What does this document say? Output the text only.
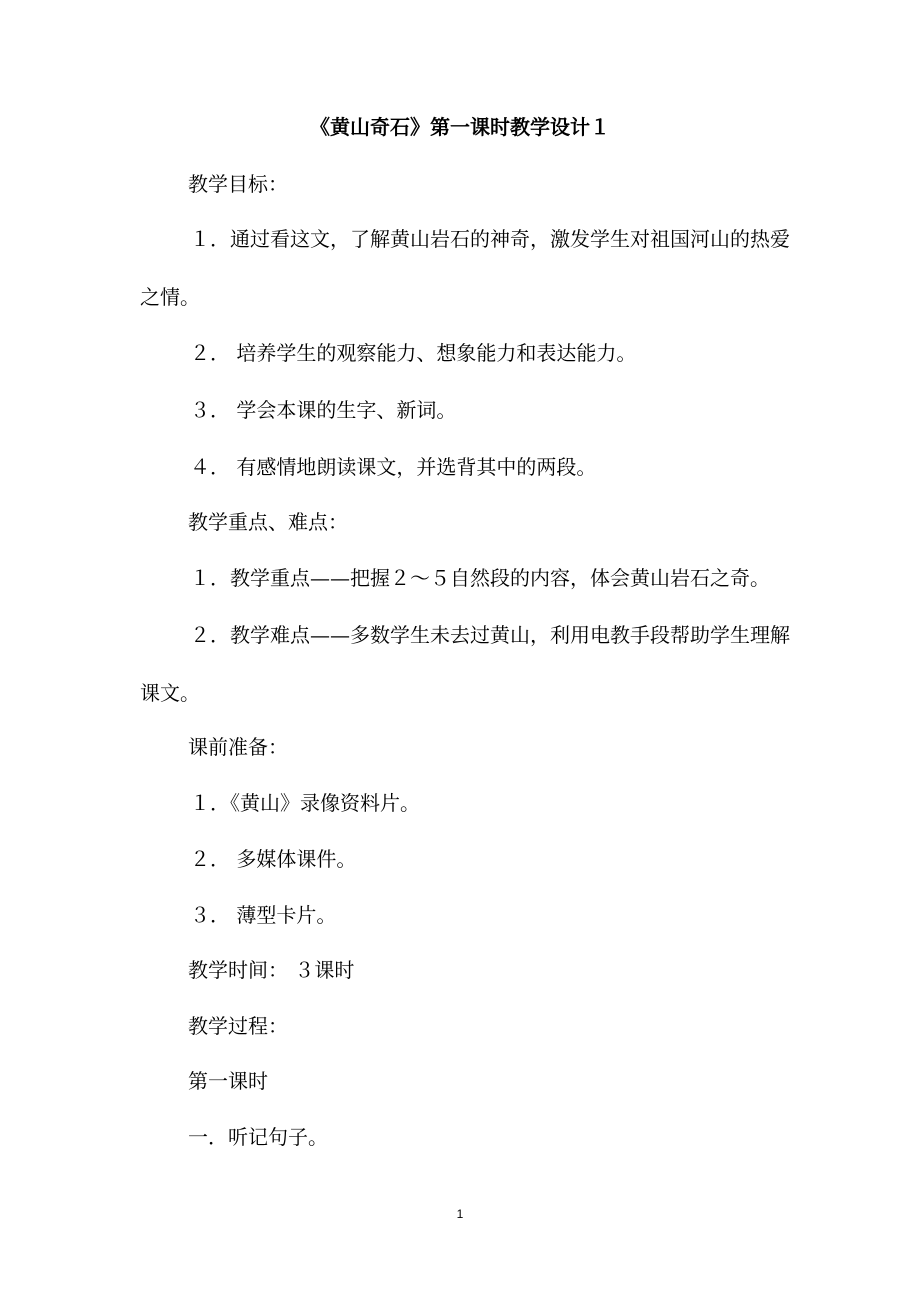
《黄山奇石》第一课时教学设计１

教学目标：

１．通过看这文，了解黄山岩石的神奇，激发学生对祖国河山的热爱之情。

２． 培养学生的观察能力、想象能力和表达能力。

３． 学会本课的生字、新词。

４． 有感情地朗读课文，并选背其中的两段。

教学重点、难点：

１．教学重点——把握２～５自然段的内容，体会黄山岩石之奇。

２．教学难点——多数学生未去过黄山，利用电教手段帮助学生理解课文。

课前准备：

１．《黄山》录像资料片。

２． 多媒体课件。

３． 薄型卡片。

教学时间： ３课时

教学过程：

第一课时

一．听记句子。

1
